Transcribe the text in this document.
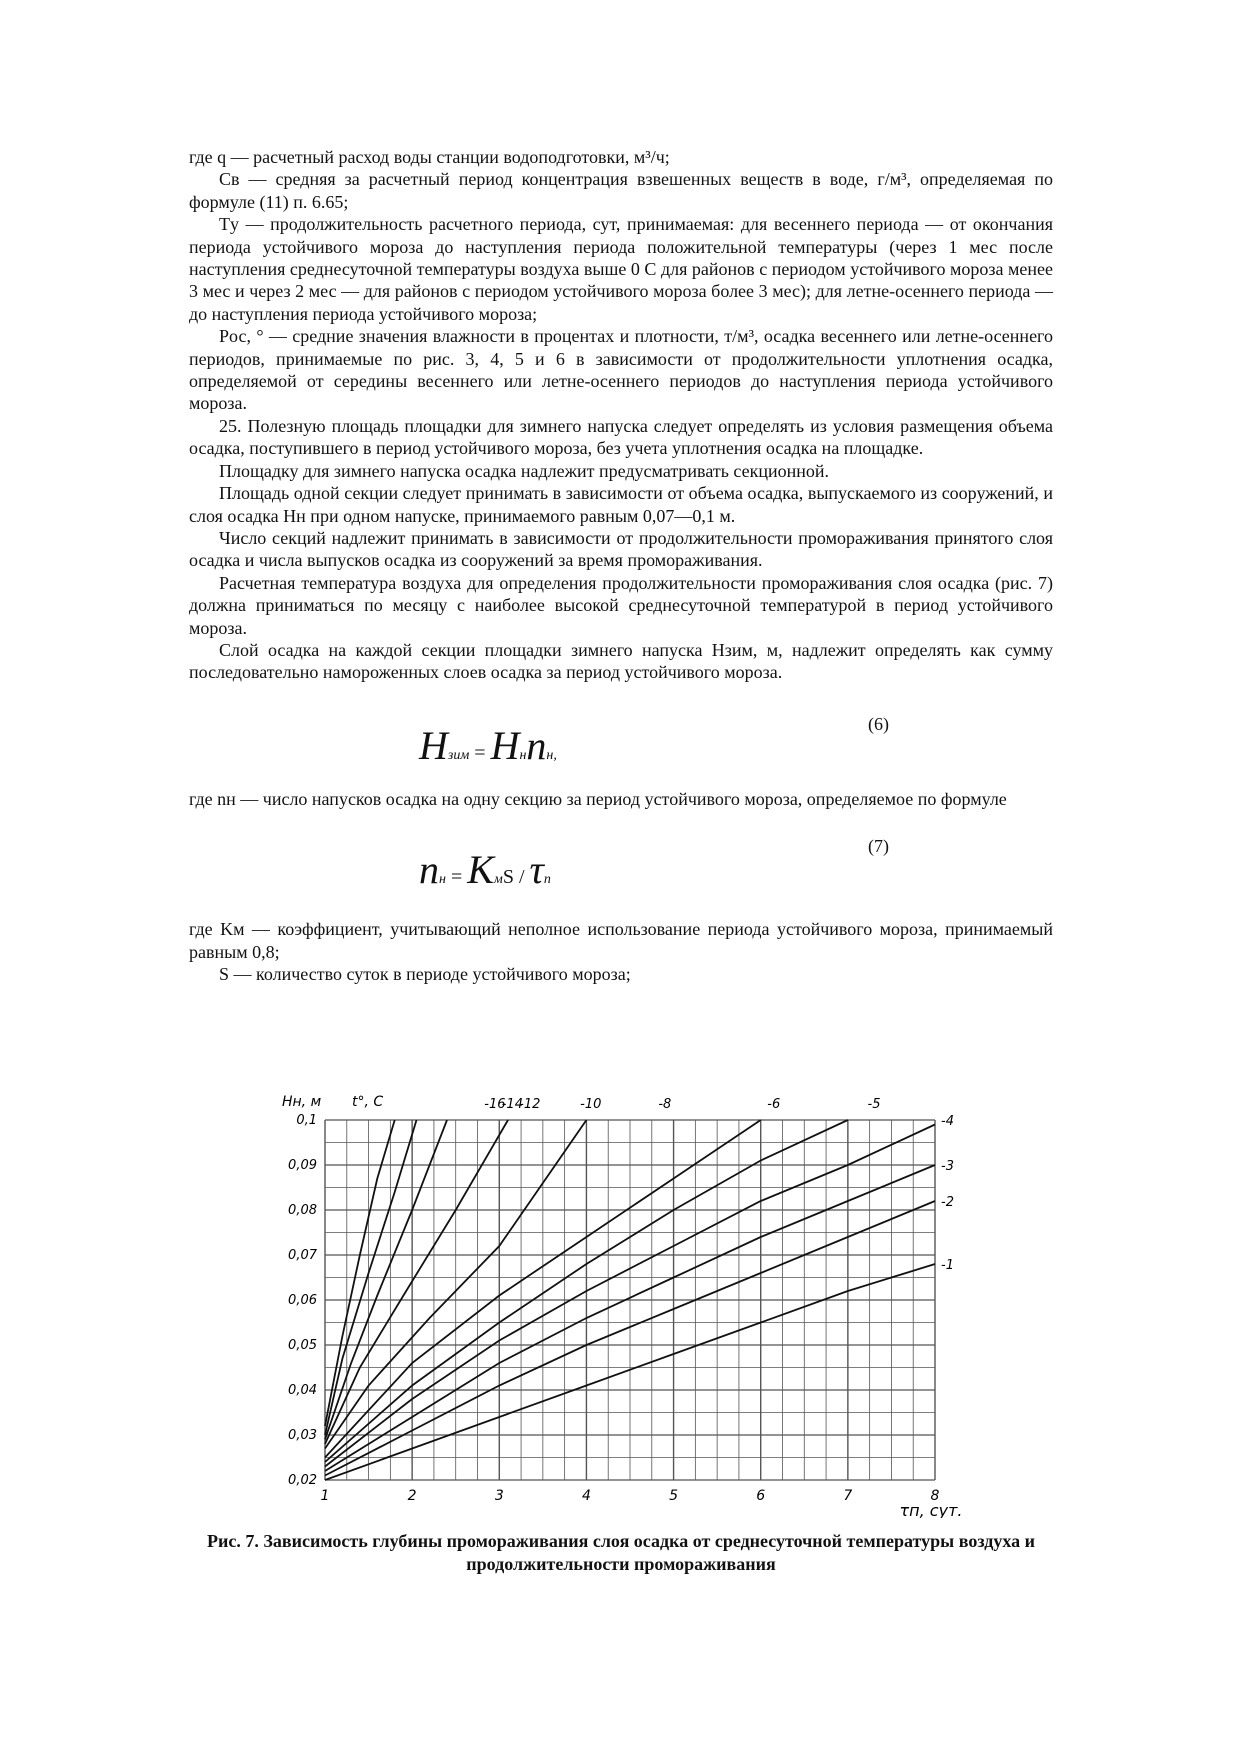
где q — расчетный расход воды станции водоподготовки, м³/ч;

Cв — средняя за расчетный период концентрация взвешенных веществ в воде, г/м³, определяемая по формуле (11) п. 6.65;

Tу — продолжительность расчетного периода, сут, принимаемая: для весеннего периода — от окончания периода устойчивого мороза до наступления периода положительной температуры (через 1 мес после наступления среднесуточной температуры воздуха выше 0 C для районов с периодом устойчивого мороза менее 3 мес и через 2 мес — для районов с периодом устойчивого мороза более 3 мес); для летне-осеннего периода — до наступления периода устойчивого мороза;

Pос, ° — средние значения влажности в процентах и плотности, т/м³, осадка весеннего или летне-осеннего периодов, принимаемые по рис. 3, 4, 5 и 6 в зависимости от продолжительности уплотнения осадка, определяемой от середины весеннего или летне-осеннего периодов до наступления периода устойчивого мороза.

25. Полезную площадь площадки для зимнего напуска следует определять из условия размещения объема осадка, поступившего в период устойчивого мороза, без учета уплотнения осадка на площадке.

Площадку для зимнего напуска осадка надлежит предусматривать секционной.

Площадь одной секции следует принимать в зависимости от объема осадка, выпускаемого из сооружений, и слоя осадка Hн при одном напуске, принимаемого равным 0,07—0,1 м.

Число секций надлежит принимать в зависимости от продолжительности промораживания принятого слоя осадка и числа выпусков осадка из сооружений за время промораживания.

Расчетная температура воздуха для определения продолжительности промораживания слоя осадка (рис. 7) должна приниматься по месяцу с наиболее высокой среднесуточной температурой в период устойчивого мороза.

Слой осадка на каждой секции площадки зимнего напуска Hзим, м, надлежит определять как сумму последовательно намороженных слоев осадка за период устойчивого мороза.

(6)
Hзим = Hнnн,

где nн — число напусков осадка на одну секцию за период устойчивого мороза, определяемое по формуле

(7)
nн = KмS / τп

где Kм — коэффициент, учитывающий неполное использование периода устойчивого мороза, принимаемый равным 0,8;

S — количество суток в периоде устойчивого мороза;

0,1
0,09
0,08
0,07
0,06
0,05
0,04
0,03
0,02
1	2	3	4	5	6	7	8
Hн, м t°, C
τп, сут.
-16
-14
-12	-10	-8	-6	-5
-4
-3
-2
-1
Рис. 7. Зависимость глубины промораживания слоя осадка от среднесуточной температуры воздуха и продолжительности промораживания
